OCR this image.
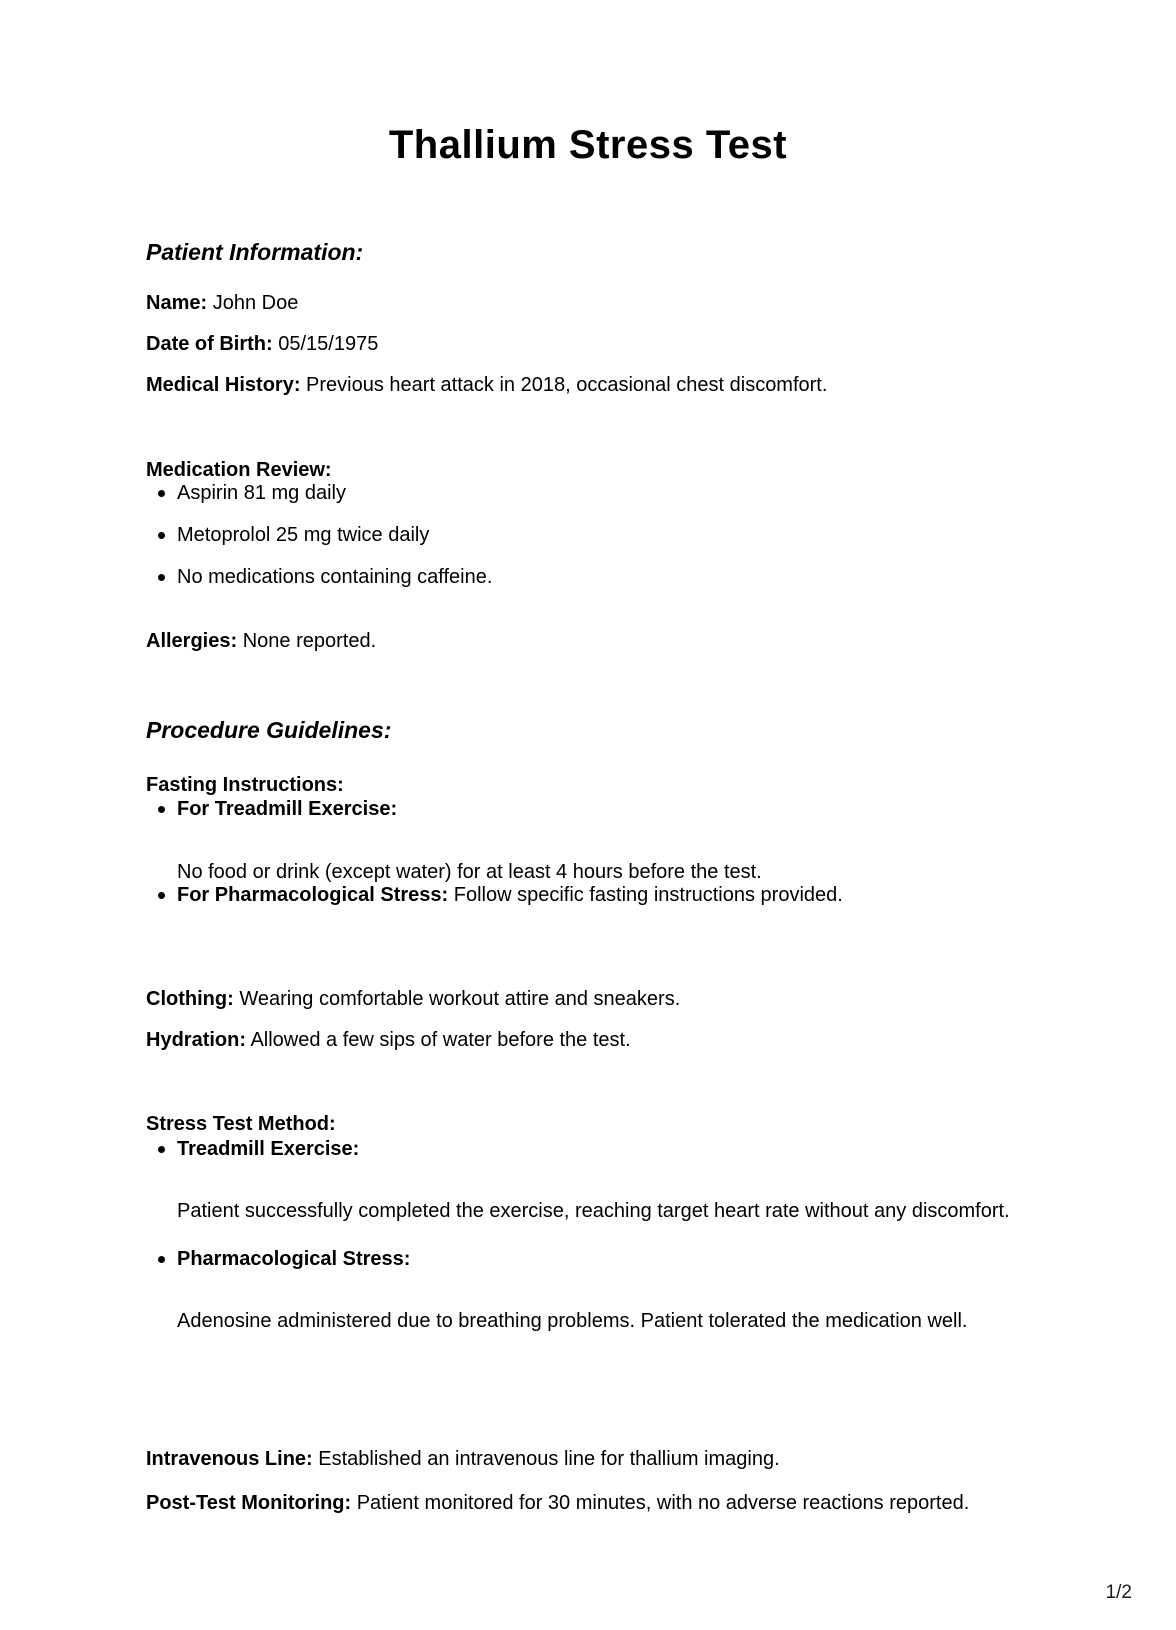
Thallium Stress Test
Patient Information:

Name: John Doe

Date of Birth: 05/15/1975

Medical History: Previous heart attack in 2018, occasional chest discomfort.

Medication Review:
Aspirin 81 mg daily
Metoprolol 25 mg twice daily
No medications containing caffeine.

Allergies: None reported.

Procedure Guidelines:
Fasting Instructions:
For Treadmill Exercise:

No food or drink (except water) for at least 4 hours before the test.

For Pharmacological Stress: Follow specific fasting instructions provided.

Clothing: Wearing comfortable workout attire and sneakers.

Hydration: Allowed a few sips of water before the test.

Stress Test Method:
Treadmill Exercise:

Patient successfully completed the exercise, reaching target heart rate without any discomfort.

Pharmacological Stress:

Adenosine administered due to breathing problems. Patient tolerated the medication well.

Intravenous Line: Established an intravenous line for thallium imaging.

Post-Test Monitoring: Patient monitored for 30 minutes, with no adverse reactions reported.

1/2
